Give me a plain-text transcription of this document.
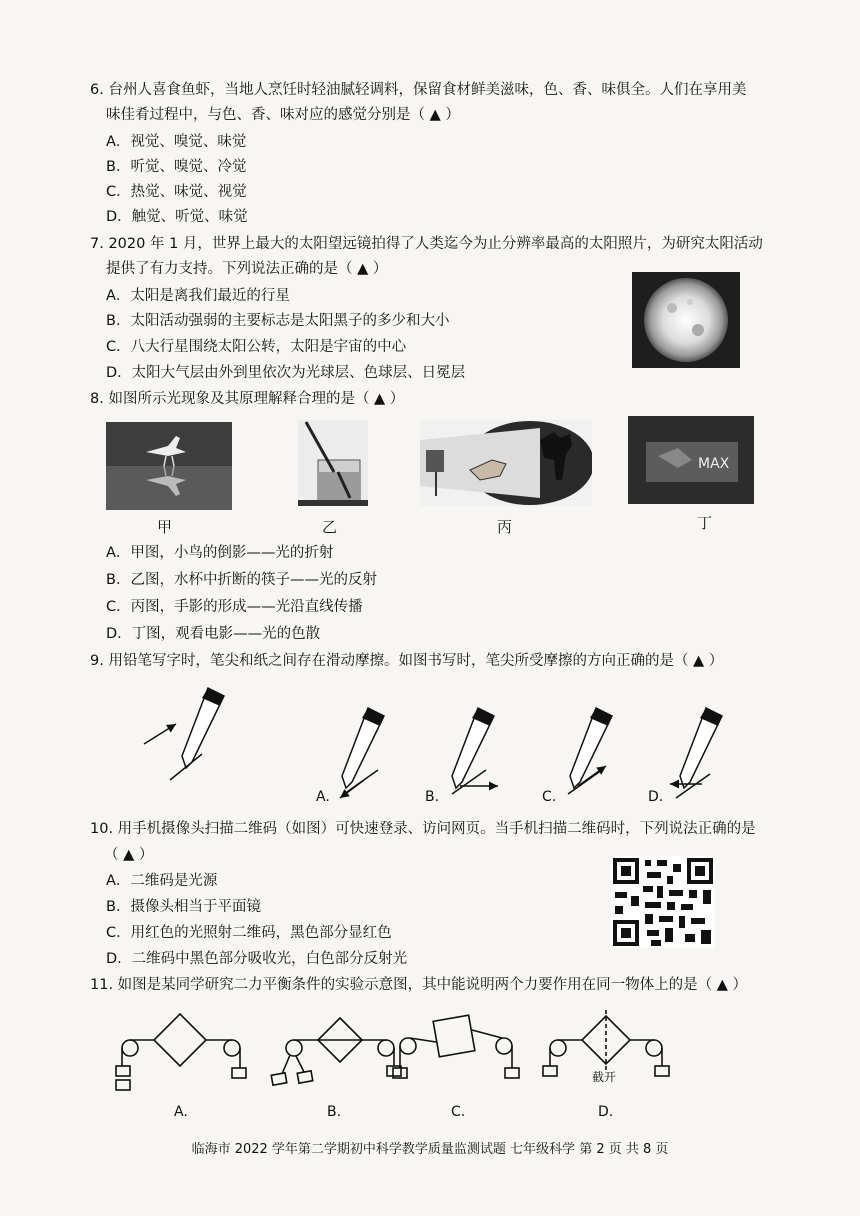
6. 台州人喜食鱼虾，当地人烹饪时轻油腻轻调料，保留食材鲜美滋味，色、香、味俱全。人们在享用美
味佳肴过程中，与色、香、味对应的感觉分别是（ ▲ ）
A．视觉、嗅觉、味觉
B．听觉、嗅觉、冷觉
C．热觉、味觉、视觉
D．触觉、听觉、味觉
7. 2020 年 1 月，世界上最大的太阳望远镜拍得了人类迄今为止分辨率最高的太阳照片，为研究太阳活动
提供了有力支持。下列说法正确的是（ ▲ ）
A．太阳是离我们最近的行星
B．太阳活动强弱的主要标志是太阳黑子的多少和大小
C．八大行星围绕太阳公转，太阳是宇宙的中心
D．太阳大气层由外到里依次为光球层、色球层、日冕层
8. 如图所示光现象及其原理解释合理的是（ ▲ ）
MAX
甲	乙	丙	丁
A．甲图，小鸟的倒影——光的折射
B．乙图，水杯中折断的筷子——光的反射
C．丙图，手影的形成——光沿直线传播
D．丁图，观看电影——光的色散
9. 用铅笔写字时，笔尖和纸之间存在滑动摩擦。如图书写时，笔尖所受摩擦的方向正确的是（ ▲ ）
A.	B.	C.	D.
10. 用手机摄像头扫描二维码（如图）可快速登录、访问网页。当手机扫描二维码时，下列说法正确的是
（ ▲ ）
A．二维码是光源
B．摄像头相当于平面镜
C．用红色的光照射二维码，黑色部分显红色
D．二维码中黑色部分吸收光，白色部分反射光
11. 如图是某同学研究二力平衡条件的实验示意图，其中能说明两个力要作用在同一物体上的是（ ▲ ）
截开
A.	B.	C.	D.
临海市 2022 学年第二学期初中科学教学质量监测试题 七年级科学 第 2 页 共 8 页
